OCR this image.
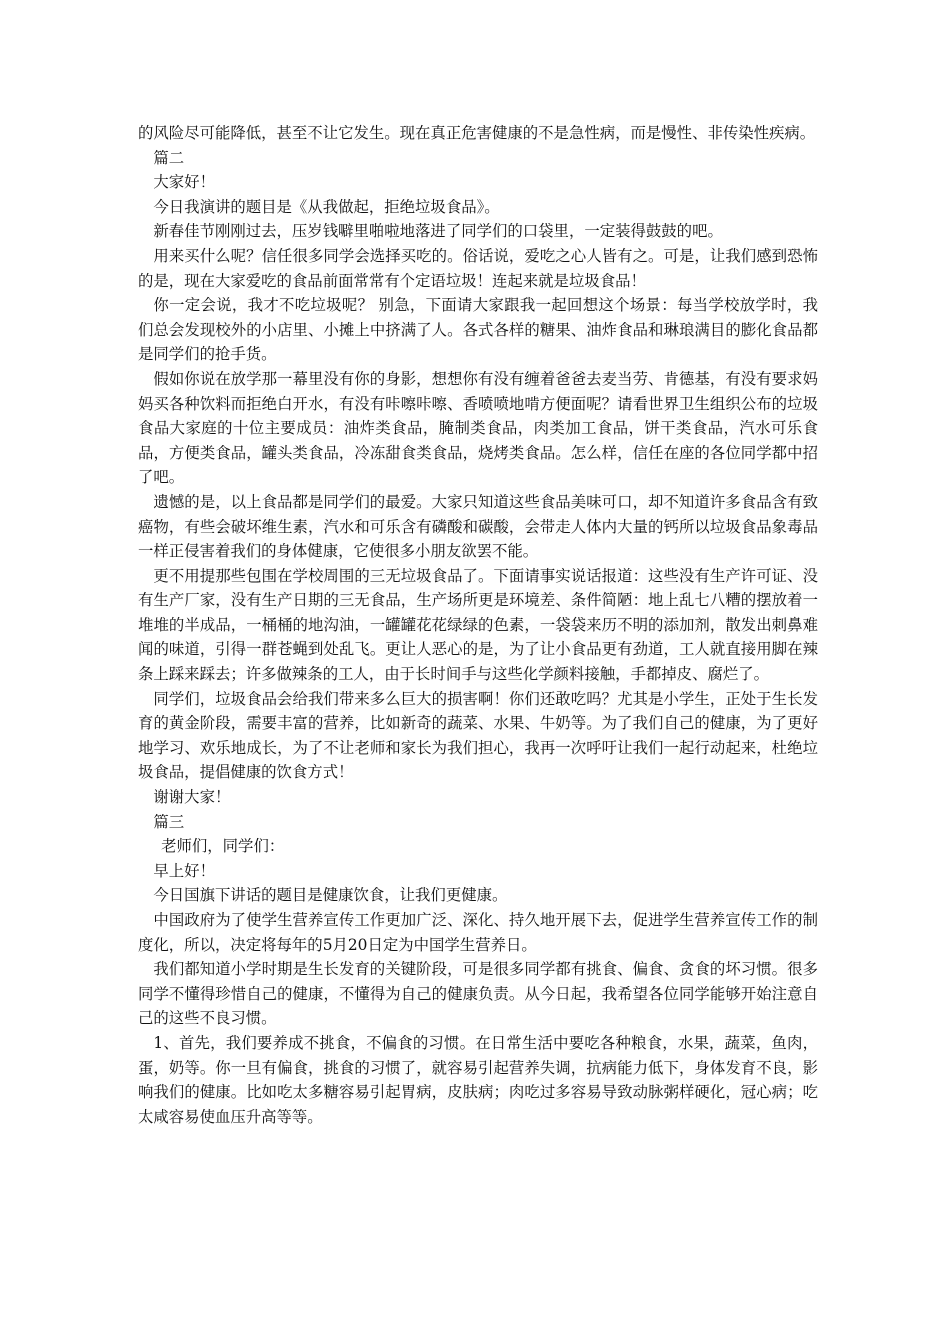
的风险尽可能降低，甚至不让它发生。现在真正危害健康的不是急性病，而是慢性、非传染性疾病。

篇二

大家好！

今日我演讲的题目是《从我做起，拒绝垃圾食品》。

新春佳节刚刚过去，压岁钱噼里啪啦地落进了同学们的口袋里，一定装得鼓鼓的吧。

用来买什么呢？信任很多同学会选择买吃的。俗话说，爱吃之心人皆有之。可是，让我们感到恐怖的是，现在大家爱吃的食品前面常常有个定语垃圾！连起来就是垃圾食品！

你一定会说，我才不吃垃圾呢？ 别急，下面请大家跟我一起回想这个场景：每当学校放学时，我们总会发现校外的小店里、小摊上中挤满了人。各式各样的糖果、油炸食品和琳琅满目的膨化食品都是同学们的抢手货。

假如你说在放学那一幕里没有你的身影，想想你有没有缠着爸爸去麦当劳、肯德基，有没有要求妈妈买各种饮料而拒绝白开水，有没有咔嚓咔嚓、香喷喷地啃方便面呢？请看世界卫生组织公布的垃圾食品大家庭的十位主要成员：油炸类食品，腌制类食品，肉类加工食品，饼干类食品，汽水可乐食品，方便类食品，罐头类食品，冷冻甜食类食品，烧烤类食品。怎么样，信任在座的各位同学都中招了吧。

遗憾的是，以上食品都是同学们的最爱。大家只知道这些食品美味可口，却不知道许多食品含有致癌物，有些会破坏维生素，汽水和可乐含有磷酸和碳酸，会带走人体内大量的钙所以垃圾食品象毒品一样正侵害着我们的身体健康，它使很多小朋友欲罢不能。

更不用提那些包围在学校周围的三无垃圾食品了。下面请事实说话报道：这些没有生产许可证、没有生产厂家，没有生产日期的三无食品，生产场所更是环境差、条件简陋：地上乱七八糟的摆放着一堆堆的半成品，一桶桶的地沟油，一罐罐花花绿绿的色素，一袋袋来历不明的添加剂，散发出刺鼻难闻的味道，引得一群苍蝇到处乱飞。更让人恶心的是，为了让小食品更有劲道，工人就直接用脚在辣条上踩来踩去；许多做辣条的工人，由于长时间手与这些化学颜料接触，手都掉皮、腐烂了。

同学们，垃圾食品会给我们带来多么巨大的损害啊！你们还敢吃吗？尤其是小学生，正处于生长发育的黄金阶段，需要丰富的营养，比如新奇的蔬菜、水果、牛奶等。为了我们自己的健康，为了更好地学习、欢乐地成长，为了不让老师和家长为我们担心，我再一次呼吁让我们一起行动起来，杜绝垃圾食品，提倡健康的饮食方式！

谢谢大家！

篇三

老师们，同学们：

早上好！

今日国旗下讲话的题目是健康饮食，让我们更健康。

中国政府为了使学生营养宣传工作更加广泛、深化、持久地开展下去，促进学生营养宣传工作的制度化，所以，决定将每年的5月20日定为中国学生营养日。

我们都知道小学时期是生长发育的关键阶段，可是很多同学都有挑食、偏食、贪食的坏习惯。很多同学不懂得珍惜自己的健康，不懂得为自己的健康负责。从今日起，我希望各位同学能够开始注意自己的这些不良习惯。

1、首先，我们要养成不挑食，不偏食的习惯。在日常生活中要吃各种粮食，水果，蔬菜，鱼肉，蛋，奶等。你一旦有偏食，挑食的习惯了，就容易引起营养失调，抗病能力低下，身体发育不良，影响我们的健康。比如吃太多糖容易引起胃病，皮肤病；肉吃过多容易导致动脉粥样硬化，冠心病；吃太咸容易使血压升高等等。
